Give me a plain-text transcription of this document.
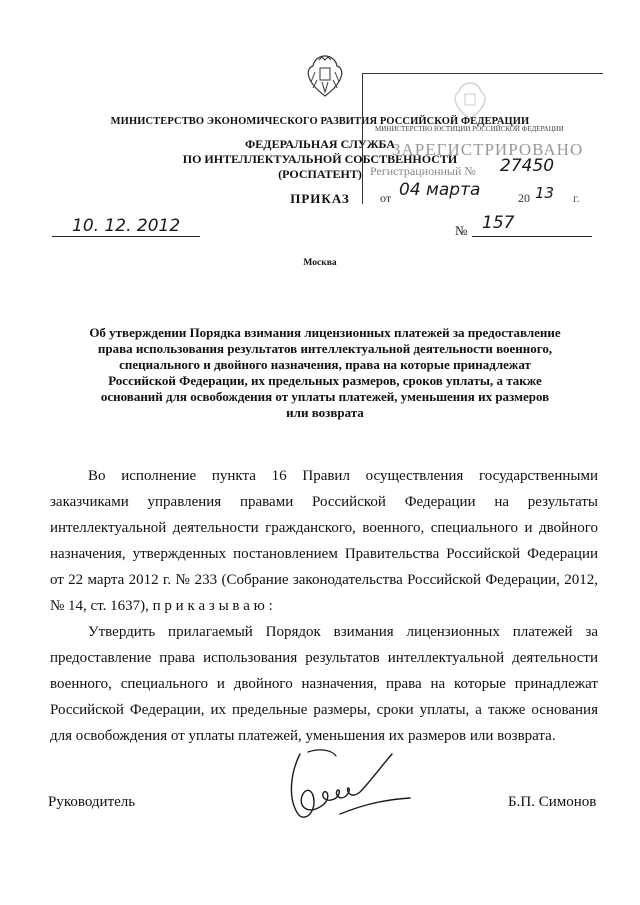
МИНИСТЕРСТВО ЭКОНОМИЧЕСКОГО РАЗВИТИЯ РОССИЙСКОЙ ФЕДЕРАЦИИ
ФЕДЕРАЛЬНАЯ СЛУЖБА
ПО ИНТЕЛЛЕКТУАЛЬНОЙ СОБСТВЕННОСТИ
(РОСПАТЕНТ)
ПРИКАЗ
10. 12. 2012	№ 157
Москва
МИНИСТЕРСТВО ЮСТИЦИИ РОССИЙСКОЙ ФЕДЕРАЦИИ
ЗАРЕГИСТРИРОВАНО
Регистрационный № 27450
от 04 марта	20 13 г.
Об утверждении Порядка взимания лицензионных платежей за предоставление
права использования результатов интеллектуальной деятельности военного,
специального и двойного назначения, права на которые принадлежат
Российской Федерации, их предельных размеров, сроков уплаты, а также
оснований для освобождения от уплаты платежей, уменьшения их размеров
или возврата
Во исполнение пункта 16 Правил осуществления государственными
заказчиками управления правами Российской Федерации на результаты
интеллектуальной деятельности гражданского, военного, специального и двойного
назначения, утвержденных постановлением Правительства Российской Федерации
от 22 марта 2012 г. № 233 (Собрание законодательства Российской Федерации, 2012,
№ 14, ст. 1637), п р и к а з ы в а ю :
Утвердить прилагаемый Порядок взимания лицензионных платежей за
предоставление права использования результатов интеллектуальной деятельности
военного, специального и двойного назначения, права на которые принадлежат
Российской Федерации, их предельные размеры, сроки уплаты, а также основания
для освобождения от уплаты платежей, уменьшения их размеров или возврата.
Руководитель	Б.П. Симонов
